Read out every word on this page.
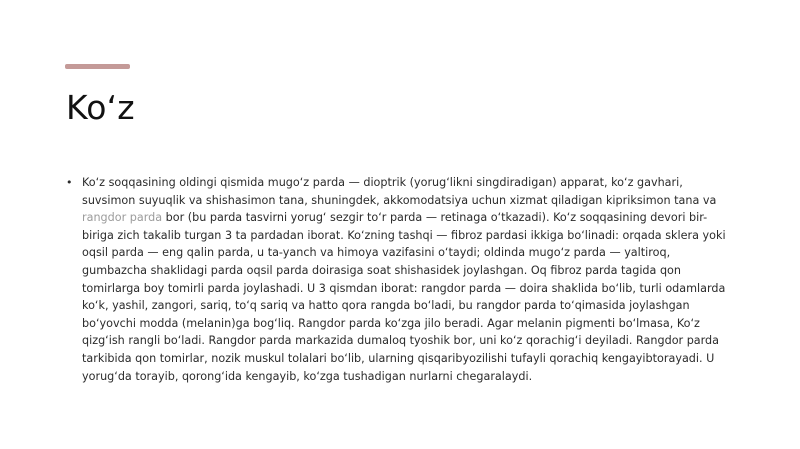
Ko‘z
• Ko‘z soqqasining oldingi qismida mugo‘z parda — dioptrik (yorug‘likni singdiradigan) apparat, ko‘z gavhari, suvsimon suyuqlik va shishasimon tana, shuningdek, akkomodatsiya uchun xizmat qiladigan kipriksimon tana va rangdor parda bor (bu parda tasvirni yorug‘ sezgir to‘r parda — retinaga o‘tkazadi). Ko‘z soqqasining devori bir-biriga zich takalib turgan 3 ta pardadan iborat. Ko‘zning tashqi — fibroz pardasi ikkiga bo‘linadi: orqada sklera yoki oqsil parda — eng qalin parda, u ta-yanch va himoya vazifasini o‘taydi; oldinda mugo‘z parda — yaltiroq, gumbazcha shaklidagi parda oqsil parda doirasiga soat shishasidek joylashgan. Oq fibroz parda tagida qon tomirlarga boy tomirli parda joylashadi. U 3 qismdan iborat: rangdor parda — doira shaklida bo‘lib, turli odamlarda ko‘k, yashil, zangori, sariq, to‘q sariq va hatto qora rangda bo‘ladi, bu rangdor parda to‘qimasida joylashgan bo‘yovchi modda (melanin)ga bog‘liq. Rangdor parda ko‘zga jilo beradi. Agar melanin pigmenti bo‘lmasa, Ko‘z qizg‘ish rangli bo‘ladi. Rangdor parda markazida dumaloq tyoshik bor, uni ko‘z qorachig‘i deyiladi. Rangdor parda tarkibida qon tomirlar, nozik muskul tolalari bo‘lib, ularning qisqaribyozilishi tufayli qorachiq kengayibtorayadi. U yorug‘da torayib, qorong‘ida kengayib, ko‘zga tushadigan nurlarni chegaralaydi.
